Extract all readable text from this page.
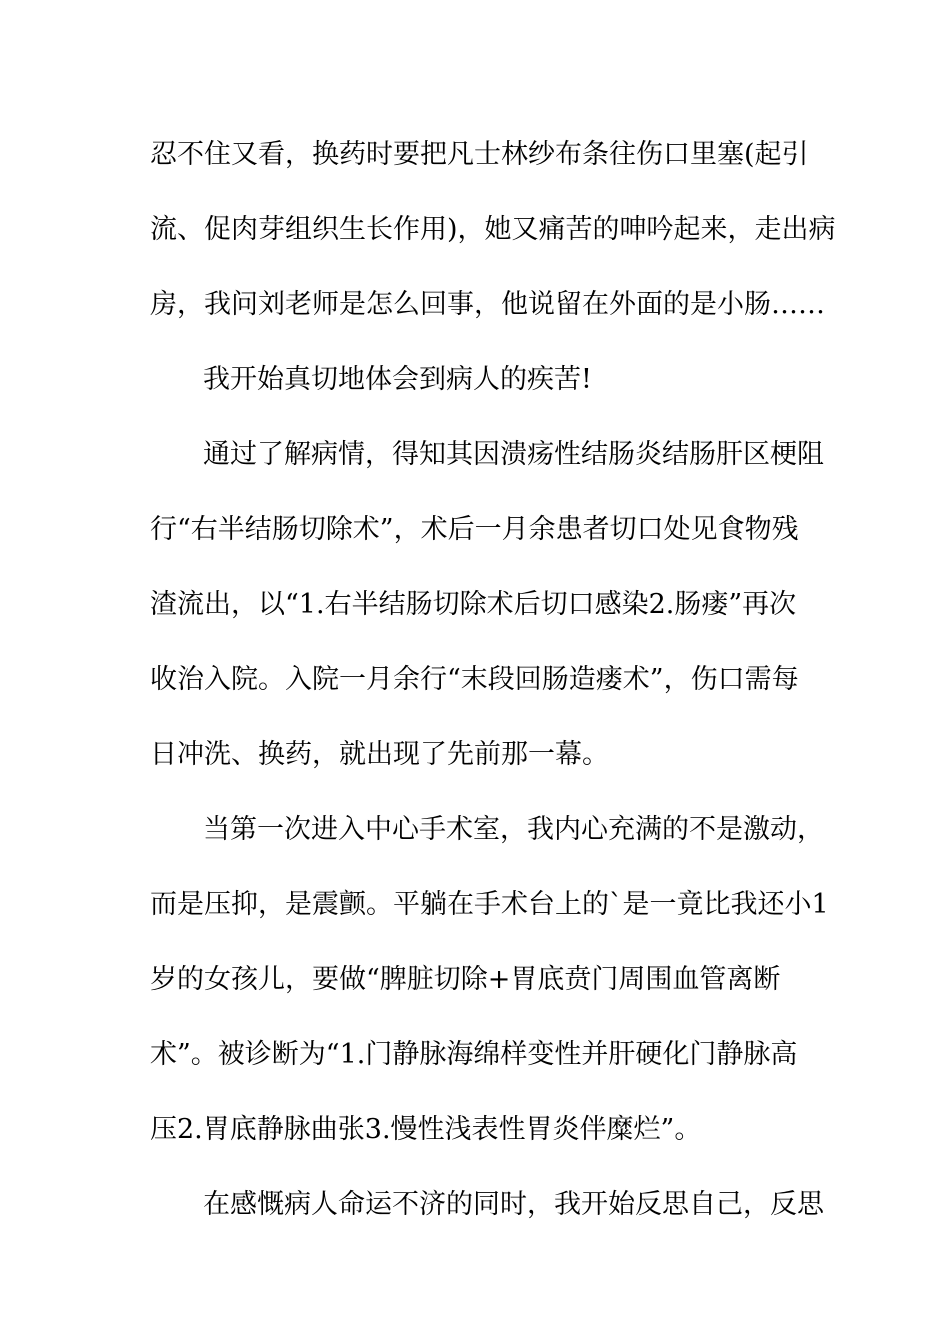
忍不住又看，换药时要把凡士林纱布条往伤口里塞(起引
流、促肉芽组织生长作用)，她又痛苦的呻吟起来，走出病
房，我问刘老师是怎么回事，他说留在外面的是小肠……
我开始真切地体会到病人的疾苦!
通过了解病情，得知其因溃疡性结肠炎结肠肝区梗阻
行“右半结肠切除术”，术后一月余患者切口处见食物残
渣流出，以“1.右半结肠切除术后切口感染2.肠瘘”再次
收治入院。入院一月余行“末段回肠造瘘术”，伤口需每
日冲洗、换药，就出现了先前那一幕。
当第一次进入中心手术室，我内心充满的不是激动，
而是压抑，是震颤。平躺在手术台上的`是一竟比我还小1
岁的女孩儿，要做“脾脏切除+胃底贲门周围血管离断
术”。被诊断为“1.门静脉海绵样变性并肝硬化门静脉高
压2.胃底静脉曲张3.慢性浅表性胃炎伴糜烂”。
在感慨病人命运不济的同时，我开始反思自己，反思
